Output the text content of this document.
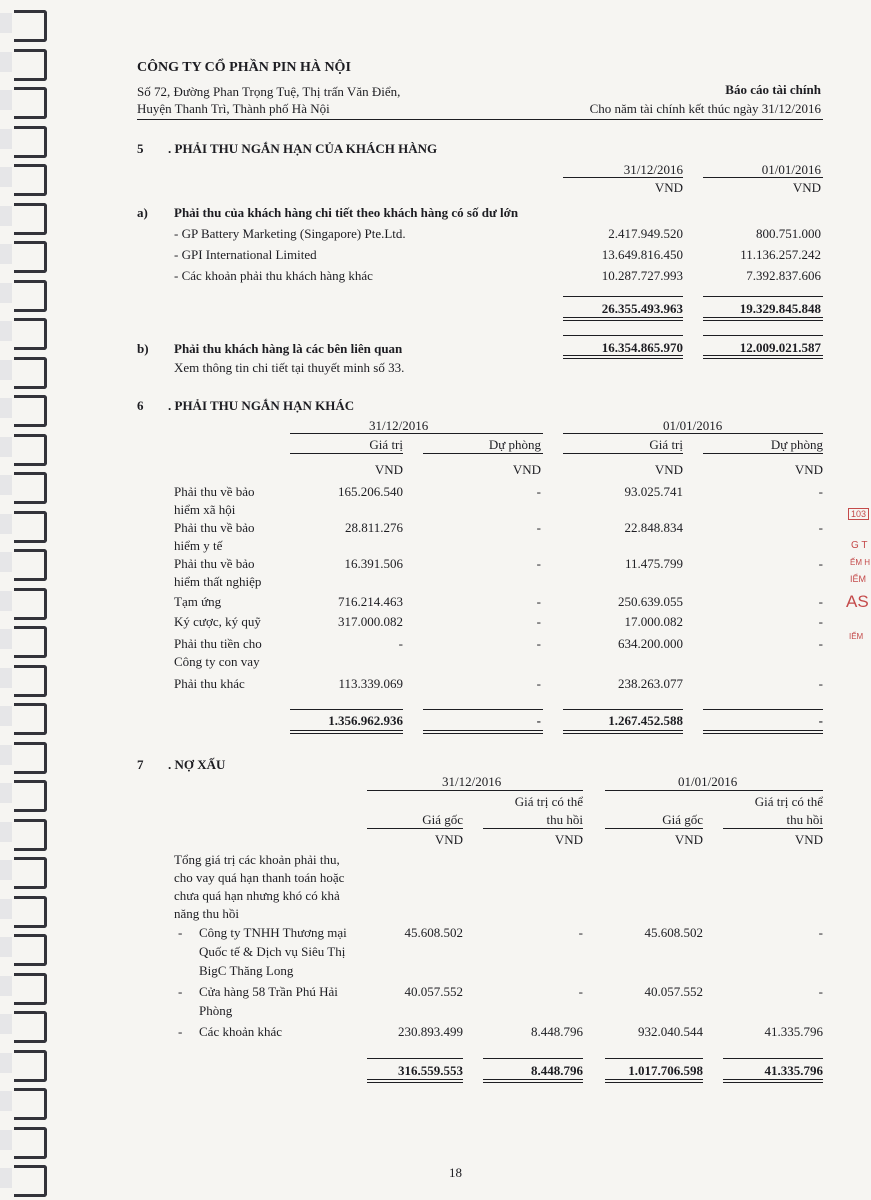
CÔNG TY CỔ PHẦN PIN HÀ NỘI
Số 72, Đường Phan Trọng Tuệ, Thị trấn Văn Điển,
Huyện Thanh Trì, Thành phố Hà Nội
Báo cáo tài chính
Cho năm tài chính kết thúc ngày 31/12/2016
5 . PHẢI THU NGẮN HẠN CỦA KHÁCH HÀNG
31/12/2016	01/01/2016
VND	VND
a) Phải thu của khách hàng chi tiết theo khách hàng có số dư lớn
- GP Battery Marketing (Singapore) Pte.Ltd.	2.417.949.520	800.751.000
- GPI International Limited	13.649.816.450	11.136.257.242
- Các khoản phải thu khách hàng khác	10.287.727.993	7.392.837.606
26.355.493.963	19.329.845.848
b) Phải thu khách hàng là các bên liên quan	16.354.865.970	12.009.021.587
Xem thông tin chi tiết tại thuyết minh số 33.
6 . PHẢI THU NGẮN HẠN KHÁC
31/12/2016	01/01/2016
Giá trị	Dự phòng	Giá trị	Dự phòng
VND	VND	VND	VND
Phải thu về bảo
hiểm xã hội
165.206.540	-	93.025.741	-
Phải thu về bảo
hiểm y tế
28.811.276	-	22.848.834	-
Phải thu về bảo
hiểm thất nghiệp
16.391.506	-	11.475.799	-
Tạm ứng	716.214.463	-	250.639.055	-
Ký cược, ký quỹ	317.000.082	-	17.000.082	-
Phải thu tiền cho
Công ty con vay
-	-	634.200.000	-
Phải thu khác	113.339.069	-	238.263.077	-
1.356.962.936	-	1.267.452.588	-
7 . NỢ XẤU
31/12/2016	01/01/2016
Giá trị có thể	Giá trị có thể
Giá gốc	thu hồi	Giá gốc	thu hồi
VND	VND	VND	VND
Tổng giá trị các khoản phải thu,
cho vay quá hạn thanh toán hoặc
chưa quá hạn nhưng khó có khả
năng thu hồi
- Công ty TNHH Thương mại
Quốc tế & Dịch vụ Siêu Thị
BigC Thăng Long
45.608.502	-	45.608.502	-
- Cửa hàng 58 Trần Phú Hải
Phòng
40.057.552	-	40.057.552	-
- Các khoản khác	230.893.499	8.448.796	932.040.544	41.335.796
316.559.553	8.448.796	1.017.706.598	41.335.796
18
103
G T
ẾM H
IỂM
AS
IỂM
